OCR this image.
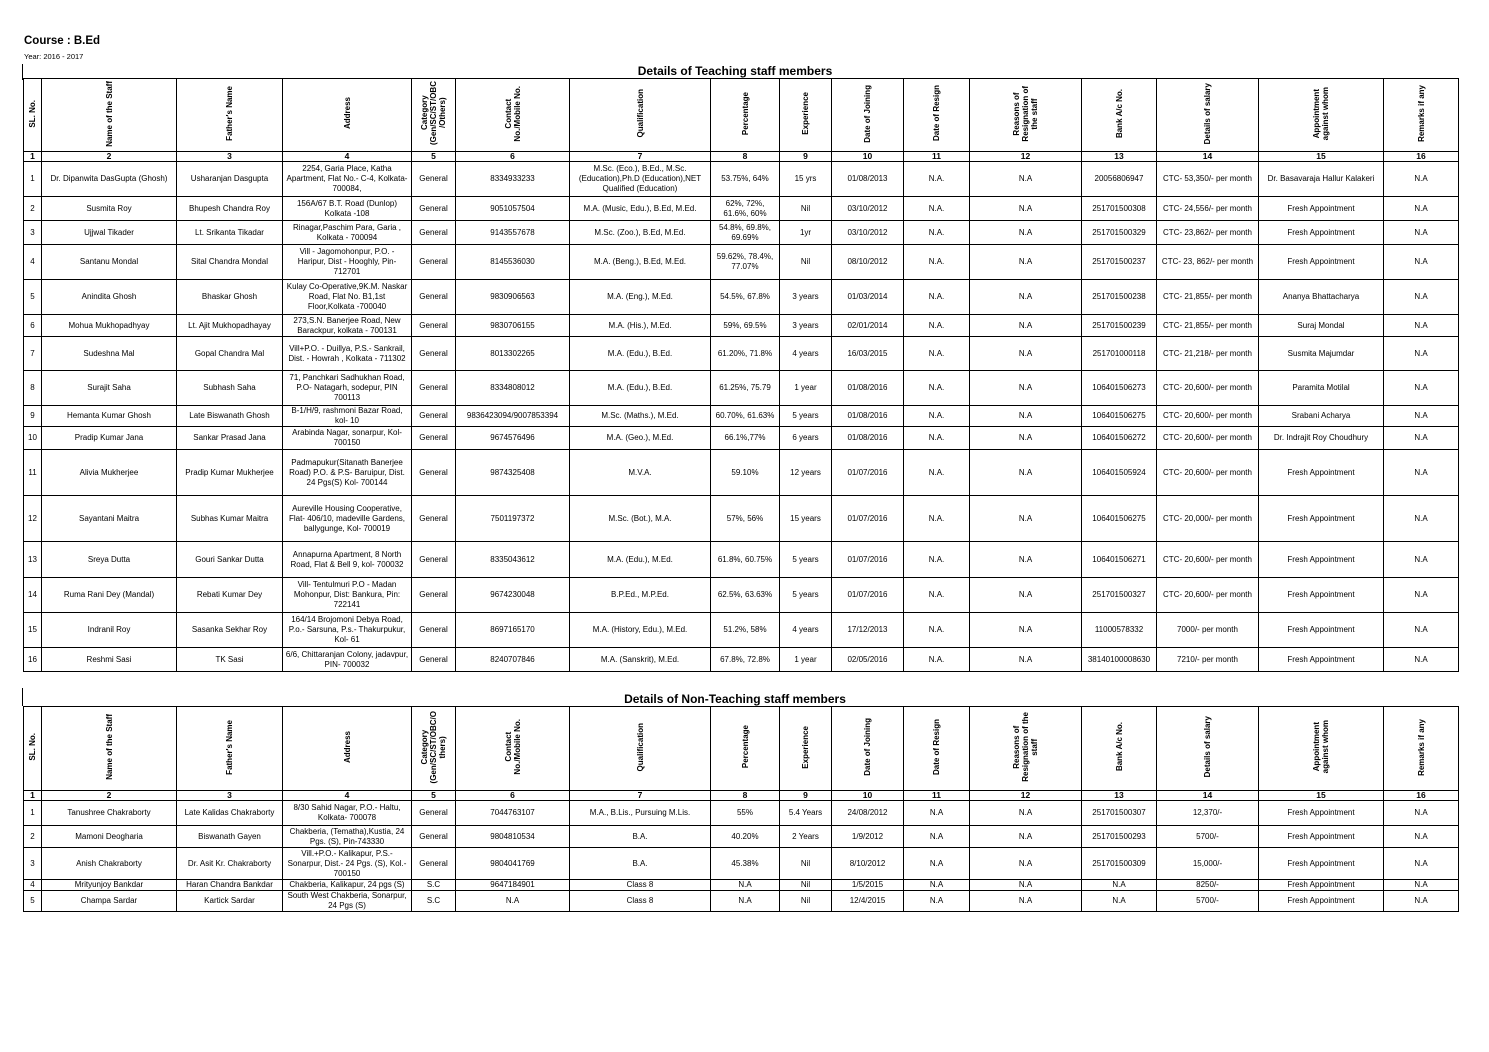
Course : B.Ed
Year: 2016 - 2017
Details of Teaching staff members
SL. No.	Name of the Staff	Father's Name	Address	Category
(Gen/SC/ST/OBC
/Others)	Contact
No./Mobile No.	Qualification	Percentage	Experience	Date of Joining	Date of Resign	Reasons of
Resignation of
the staff	Bank A/c No.	Details of salary	Appointment
against whom	Remarks if any
1	2	3	4	5	6	7	8	9	10	11	12	13	14	15	16
1	Dr. Dipanwita DasGupta (Ghosh)	Usharanjan Dasgupta	2254, Garia Place, Katha Apartment, Flat No.- C-4, Kolkata-700084,	General	8334933233	M.Sc. (Eco.), B.Ed., M.Sc. (Education),Ph.D (Education),NET Qualified (Education)	53.75%, 64%	15 yrs	01/08/2013	N.A.	N.A	20056806947	CTC- 53,350/- per month	Dr. Basavaraja Hallur Kalakeri	N.A
2	Susmita Roy	Bhupesh Chandra Roy	156A/67 B.T. Road (Dunlop) Kolkata -108	General	9051057504	M.A. (Music, Edu.), B.Ed, M.Ed.	62%, 72%, 61.6%, 60%	Nil	03/10/2012	N.A.	N.A	251701500308	CTC- 24,556/- per month	Fresh Appointment	N.A
3	Ujjwal Tikader	Lt. Srikanta Tikadar	Rinagar,Paschim Para, Garia , Kolkata - 700094	General	9143557678	M.Sc. (Zoo.), B.Ed, M.Ed.	54.8%, 69.8%, 69.69%	1yr	03/10/2012	N.A.	N.A	251701500329	CTC- 23,862/- per month	Fresh Appointment	N.A
4	Santanu Mondal	Sital Chandra Mondal	Vill - Jagomohonpur, P.O. - Haripur, Dist - Hooghly, Pin-712701	General	8145536030	M.A. (Beng.), B.Ed, M.Ed.	59.62%, 78.4%, 77.07%	Nil	08/10/2012	N.A.	N.A	251701500237	CTC- 23, 862/- per month	Fresh Appointment	N.A
5	Anindita Ghosh	Bhaskar Ghosh	Kulay Co-Operative,9K.M. Naskar Road, Flat No. B1,1st Floor,Kolkata -700040	General	9830906563	M.A. (Eng.), M.Ed.	54.5%, 67.8%	3 years	01/03/2014	N.A.	N.A	251701500238	CTC- 21,855/- per month	Ananya Bhattacharya	N.A
6	Mohua Mukhopadhyay	Lt. Ajit Mukhopadhayay	273,S.N. Banerjee Road, New Barackpur, kolkata - 700131	General	9830706155	M.A. (His.), M.Ed.	59%, 69.5%	3 years	02/01/2014	N.A.	N.A	251701500239	CTC- 21,855/- per month	Suraj Mondal	N.A
7	Sudeshna Mal	Gopal Chandra Mal	Vill+P.O. - Duillya, P.S.- Sankrail, Dist. - Howrah , Kolkata - 711302	General	8013302265	M.A. (Edu.), B.Ed.	61.20%, 71.8%	4 years	16/03/2015	N.A.	N.A	251701000118	CTC- 21,218/- per month	Susmita Majumdar	N.A
8	Surajit Saha	Subhash Saha	71, Panchkari Sadhukhan Road, P.O- Natagarh, sodepur, PIN 700113	General	8334808012	M.A. (Edu.), B.Ed.	61.25%, 75.79	1 year	01/08/2016	N.A.	N.A	106401506273	CTC- 20,600/- per month	Paramita Motilal	N.A
9	Hemanta Kumar Ghosh	Late Biswanath Ghosh	B-1/H/9, rashmoni Bazar Road, kol- 10	General	9836423094/9007853394	M.Sc. (Maths.), M.Ed.	60.70%, 61.63%	5 years	01/08/2016	N.A.	N.A	106401506275	CTC- 20,600/- per month	Srabani Acharya	N.A
10	Pradip Kumar Jana	Sankar Prasad Jana	Arabinda Nagar, sonarpur, Kol- 700150	General	9674576496	M.A. (Geo.), M.Ed.	66.1%,77%	6 years	01/08/2016	N.A.	N.A	106401506272	CTC- 20,600/- per month	Dr. Indrajit Roy Choudhury	N.A
11	Alivia Mukherjee	Pradip Kumar Mukherjee	Padmapukur(Sitanath Banerjee Road) P.O. & P.S- Baruipur, Dist. 24 Pgs(S) Kol- 700144	General	9874325408	M.V.A.	59.10%	12 years	01/07/2016	N.A.	N.A	106401505924	CTC- 20,600/- per month	Fresh Appointment	N.A
12	Sayantani Maitra	Subhas Kumar Maitra	Aureville Housing Cooperative, Flat- 406/10, madeville Gardens, ballygunge, Kol- 700019	General	7501197372	M.Sc. (Bot.), M.A.	57%, 56%	15 years	01/07/2016	N.A.	N.A	106401506275	CTC- 20,000/- per month	Fresh Appointment	N.A
13	Sreya Dutta	Gouri Sankar Dutta	Annapurna Apartment, 8 North Road, Flat & Bell 9, kol- 700032	General	8335043612	M.A. (Edu.), M.Ed.	61.8%, 60.75%	5 years	01/07/2016	N.A.	N.A	106401506271	CTC- 20,600/- per month	Fresh Appointment	N.A
14	Ruma Rani Dey (Mandal)	Rebati Kumar Dey	Vill- Tentulmuri P.O - Madan Mohonpur, Dist: Bankura, Pin: 722141	General	9674230048	B.P.Ed., M.P.Ed.	62.5%, 63.63%	5 years	01/07/2016	N.A.	N.A	251701500327	CTC- 20,600/- per month	Fresh Appointment	N.A
15	Indranil Roy	Sasanka Sekhar Roy	164/14 Brojomoni Debya Road, P.o.- Sarsuna, P.s.- Thakurpukur, Kol- 61	General	8697165170	M.A. (History, Edu.), M.Ed.	51.2%, 58%	4 years	17/12/2013	N.A.	N.A	11000578332	7000/- per month	Fresh Appointment	N.A
16	Reshmi Sasi	TK Sasi	6/6, Chittaranjan Colony, jadavpur, PIN- 700032	General	8240707846	M.A. (Sanskrit), M.Ed.	67.8%, 72.8%	1 year	02/05/2016	N.A.	N.A	38140100008630	7210/- per month	Fresh Appointment	N.A
Details of Non-Teaching staff members
SL. No.	Name of the Staff	Father's Name	Address	Category
(Gen/SC/ST/OBC/O
thers)	Contact
No./Mobile No.	Qualification	Percentage	Experience	Date of Joining	Date of Resign	Reasons of
Resignation of the
staff	Bank A/c No.	Details of salary	Appointment
against whom	Remarks if any
1	2	3	4	5	6	7	8	9	10	11	12	13	14	15	16
1	Tanushree Chakraborty	Late Kalidas Chakraborty	8/30 Sahid Nagar, P.O.- Haltu, Kolkata- 700078	General	7044763107	M.A., B.Lis., Pursuing M.Lis.	55%	5.4 Years	24/08/2012	N.A	N.A	251701500307	12,370/-	Fresh Appointment	N.A
2	Mamoni Deogharia	Biswanath Gayen	Chakberia, (Tematha),Kustia, 24 Pgs. (S), Pin-743330	General	9804810534	B.A.	40.20%	2 Years	1/9/2012	N.A	N.A	251701500293	5700/-	Fresh Appointment	N.A
3	Anish Chakraborty	Dr. Asit Kr. Chakraborty	Vill.+P.O.- Kalikapur, P.S.- Sonarpur, Dist.- 24 Pgs. (S), Kol.- 700150	General	9804041769	B.A.	45.38%	Nil	8/10/2012	N.A	N.A	251701500309	15,000/-	Fresh Appointment	N.A
4	Mrityunjoy Bankdar	Haran Chandra Bankdar	Chakberia, Kalikapur, 24 pgs (S)	S.C	9647184901	Class 8	N.A	Nil	1/5/2015	N.A	N.A	N.A	8250/-	Fresh Appointment	N.A
5	Champa Sardar	Kartick Sardar	South West Chakberia, Sonarpur, 24 Pgs (S)	S.C	N.A	Class 8	N.A	Nil	12/4/2015	N.A	N.A	N.A	5700/-	Fresh Appointment	N.A
